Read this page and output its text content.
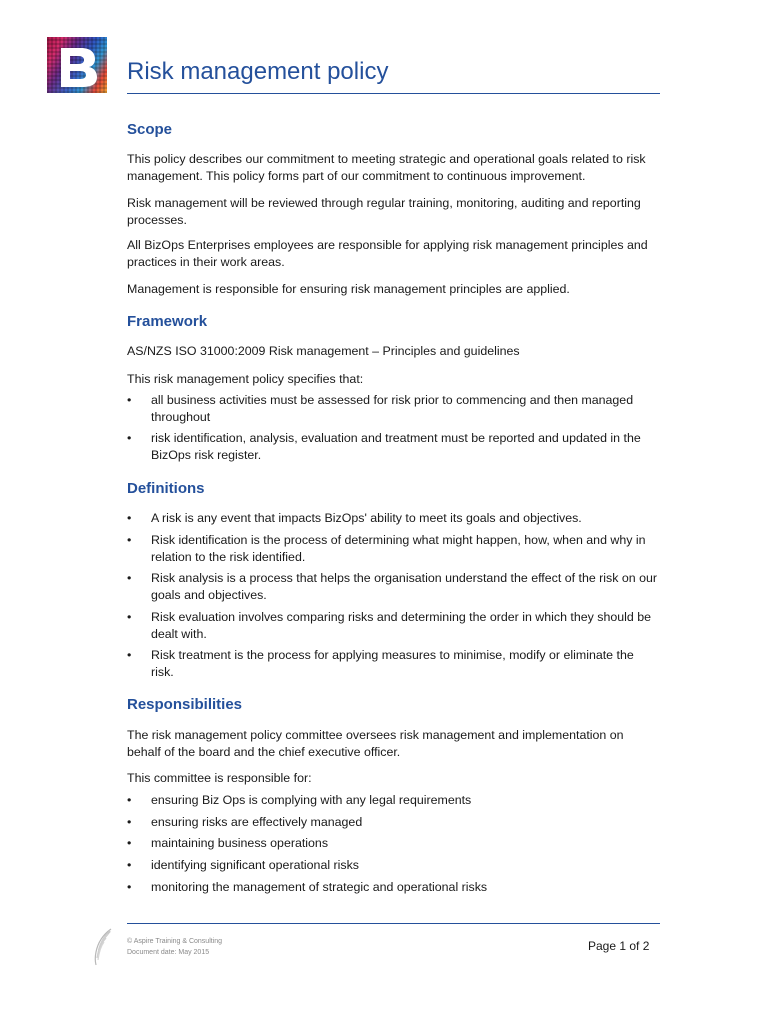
Risk management policy
Scope

This policy describes our commitment to meeting strategic and operational goals related to risk management. This policy forms part of our commitment to continuous improvement.

Risk management will be reviewed through regular training, monitoring, auditing and reporting processes.

All BizOps Enterprises employees are responsible for applying risk management principles and practices in their work areas.

Management is responsible for ensuring risk management principles are applied.

Framework

AS/NZS ISO 31000:2009 Risk management – Principles and guidelines

This risk management policy specifies that:

• all business activities must be assessed for risk prior to commencing and then managed throughout
• risk identification, analysis, evaluation and treatment must be reported and updated in the BizOps risk register.
Definitions
• A risk is any event that impacts BizOps' ability to meet its goals and objectives.
• Risk identification is the process of determining what might happen, how, when and why in relation to the risk identified.
• Risk analysis is a process that helps the organisation understand the effect of the risk on our goals and objectives.
• Risk evaluation involves comparing risks and determining the order in which they should be dealt with.
• Risk treatment is the process for applying measures to minimise, modify or eliminate the risk.
Responsibilities

The risk management policy committee oversees risk management and implementation on behalf of the board and the chief executive officer.

This committee is responsible for:

• ensuring Biz Ops is complying with any legal requirements
• ensuring risks are effectively managed
• maintaining business operations
• identifying significant operational risks
• monitoring the management of strategic and operational risks
© Aspire Training & Consulting
Document date: May 2015	Page 1 of 2
